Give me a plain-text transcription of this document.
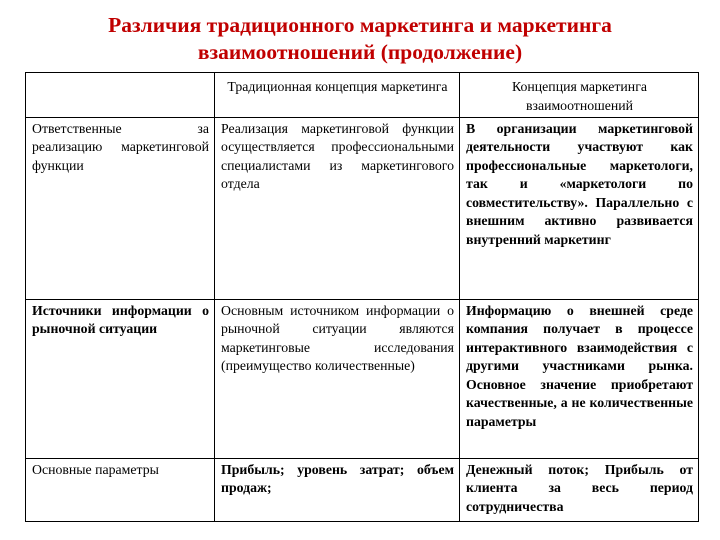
Различия традиционного маркетинга и маркетинга
взаимоотношений (продолжение)
	Традиционная концепция маркетинга	Концепция маркетинга взаимоотношений
Ответственные за реализацию маркетинговой функции	Реализация маркетинговой функции осуществляется профессиональными специалистами из маркетингового отдела	В организации маркетинговой деятельности участвуют как профессиональные маркетологи, так и «маркетологи по совместительству». Параллельно с внешним активно развивается внутренний маркетинг
Источники информации о рыночной ситуации	Основным источником информации о рыночной ситуации являются маркетинговые исследования (преимущество количественные)	Информацию о внешней среде компания получает в процессе интерактивного взаимодействия с другими участниками рынка. Основное значение приобретают качественные, а не количественные параметры
Основные параметры	Прибыль; уровень затрат; объем продаж;	Денежный поток; Прибыль от клиента за весь период сотрудничества
